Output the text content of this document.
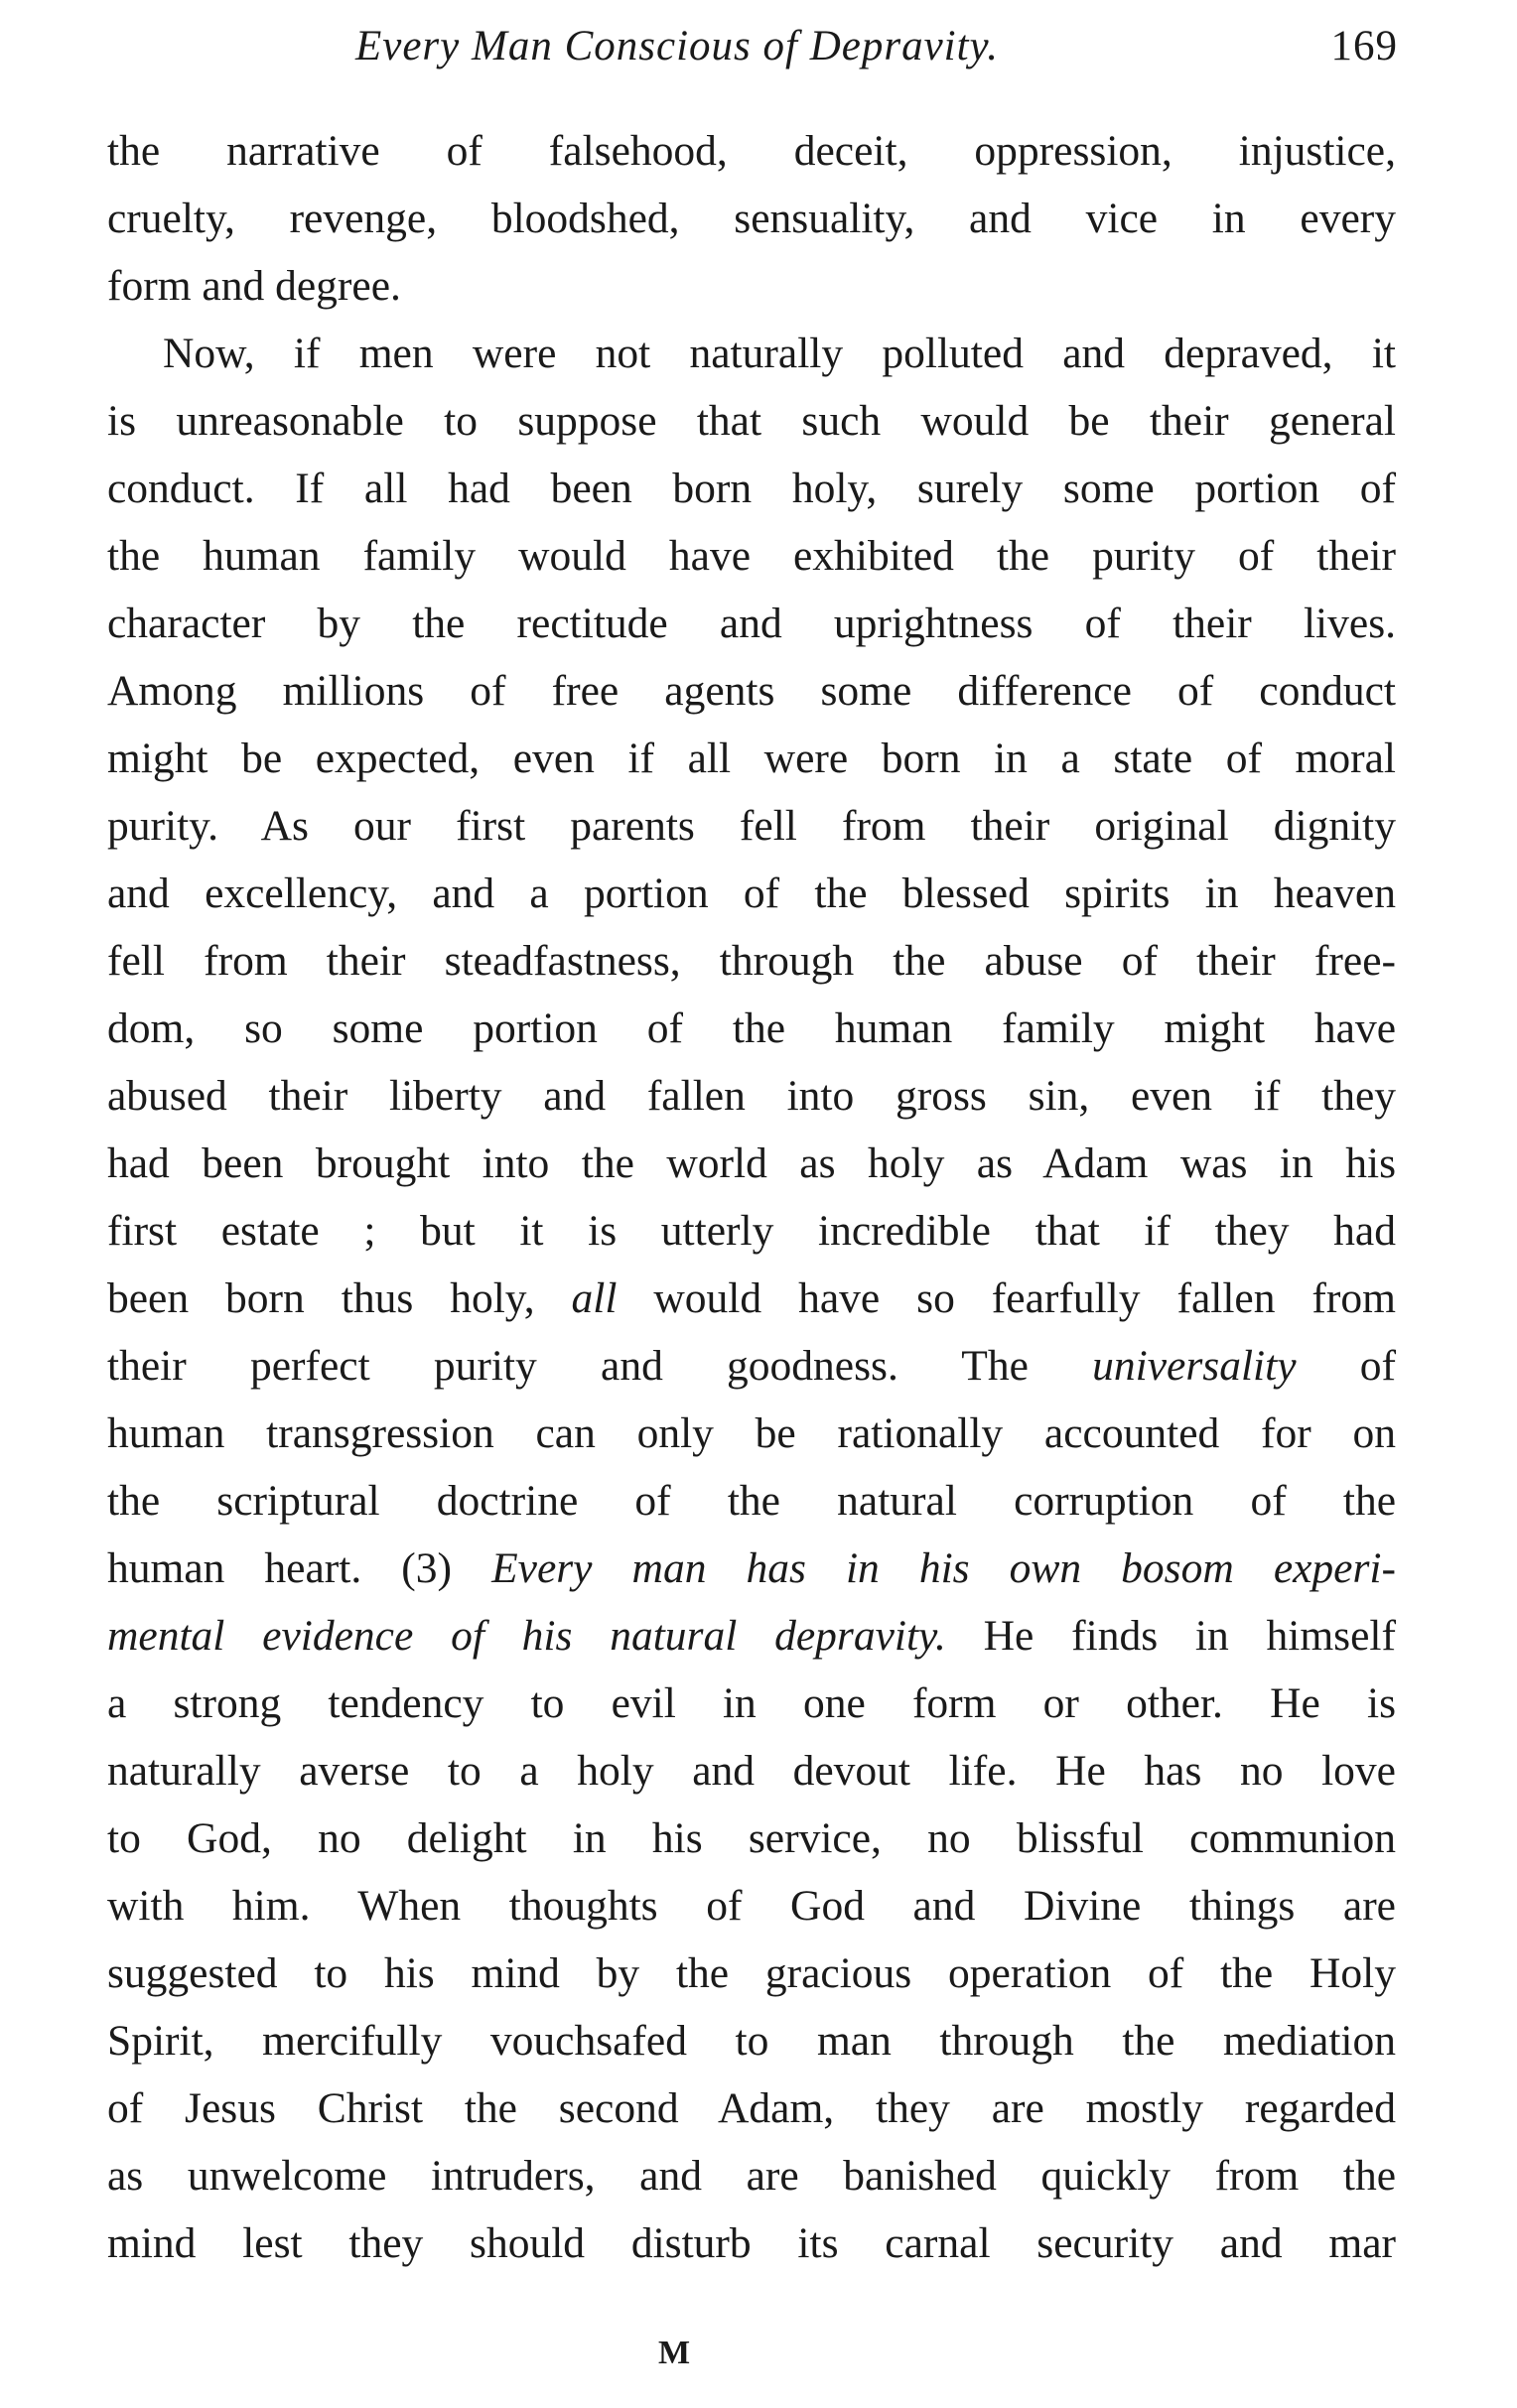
Every Man Conscious of Depravity.	169
the narrative of falsehood, deceit, oppression, injustice,
cruelty, revenge, bloodshed, sensuality, and vice in every
form and degree.
Now, if men were not naturally polluted and depraved, it
is unreasonable to suppose that such would be their general
conduct. If all had been born holy, surely some portion of
the human family would have exhibited the purity of their
character by the rectitude and uprightness of their lives.
Among millions of free agents some difference of conduct
might be expected, even if all were born in a state of moral
purity. As our first parents fell from their original dignity
and excellency, and a portion of the blessed spirits in heaven
fell from their steadfastness, through the abuse of their free-
dom, so some portion of the human family might have
abused their liberty and fallen into gross sin, even if they
had been brought into the world as holy as Adam was in his
first estate ; but it is utterly incredible that if they had
been born thus holy, all would have so fearfully fallen from
their perfect purity and goodness. The universality of
human transgression can only be rationally accounted for on
the scriptural doctrine of the natural corruption of the
human heart. (3) Every man has in his own bosom experi-
mental evidence of his natural depravity. He finds in himself
a strong tendency to evil in one form or other. He is
naturally averse to a holy and devout life. He has no love
to God, no delight in his service, no blissful communion
with him. When thoughts of God and Divine things are
suggested to his mind by the gracious operation of the Holy
Spirit, mercifully vouchsafed to man through the mediation
of Jesus Christ the second Adam, they are mostly regarded
as unwelcome intruders, and are banished quickly from the
mind lest they should disturb its carnal security and mar
M
